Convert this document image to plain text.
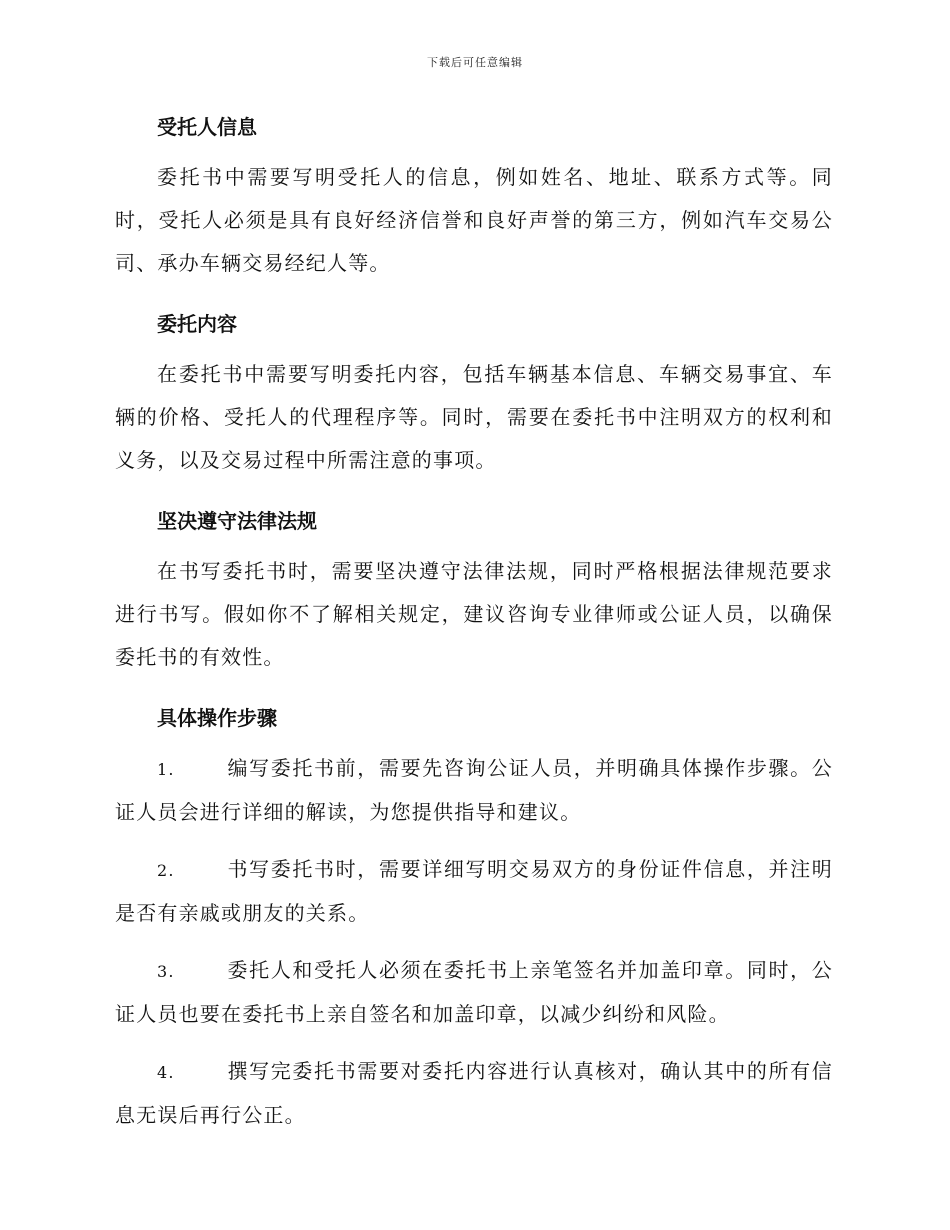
下载后可任意编辑
受托人信息

委托书中需要写明受托人的信息，例如姓名、地址、联系方式等。同时，受托人必须是具有良好经济信誉和良好声誉的第三方，例如汽车交易公司、承办车辆交易经纪人等。

委托内容

在委托书中需要写明委托内容，包括车辆基本信息、车辆交易事宜、车辆的价格、受托人的代理程序等。同时，需要在委托书中注明双方的权利和义务，以及交易过程中所需注意的事项。

坚决遵守法律法规

在书写委托书时，需要坚决遵守法律法规，同时严格根据法律规范要求进行书写。假如你不了解相关规定，建议咨询专业律师或公证人员，以确保委托书的有效性。

具体操作步骤

1.	编写委托书前，需要先咨询公证人员，并明确具体操作步骤。公证人员会进行详细的解读，为您提供指导和建议。

2.	书写委托书时，需要详细写明交易双方的身份证件信息，并注明是否有亲戚或朋友的关系。

3.	委托人和受托人必须在委托书上亲笔签名并加盖印章。同时，公证人员也要在委托书上亲自签名和加盖印章，以减少纠纷和风险。

4.	撰写完委托书需要对委托内容进行认真核对，确认其中的所有信息无误后再行公正。
